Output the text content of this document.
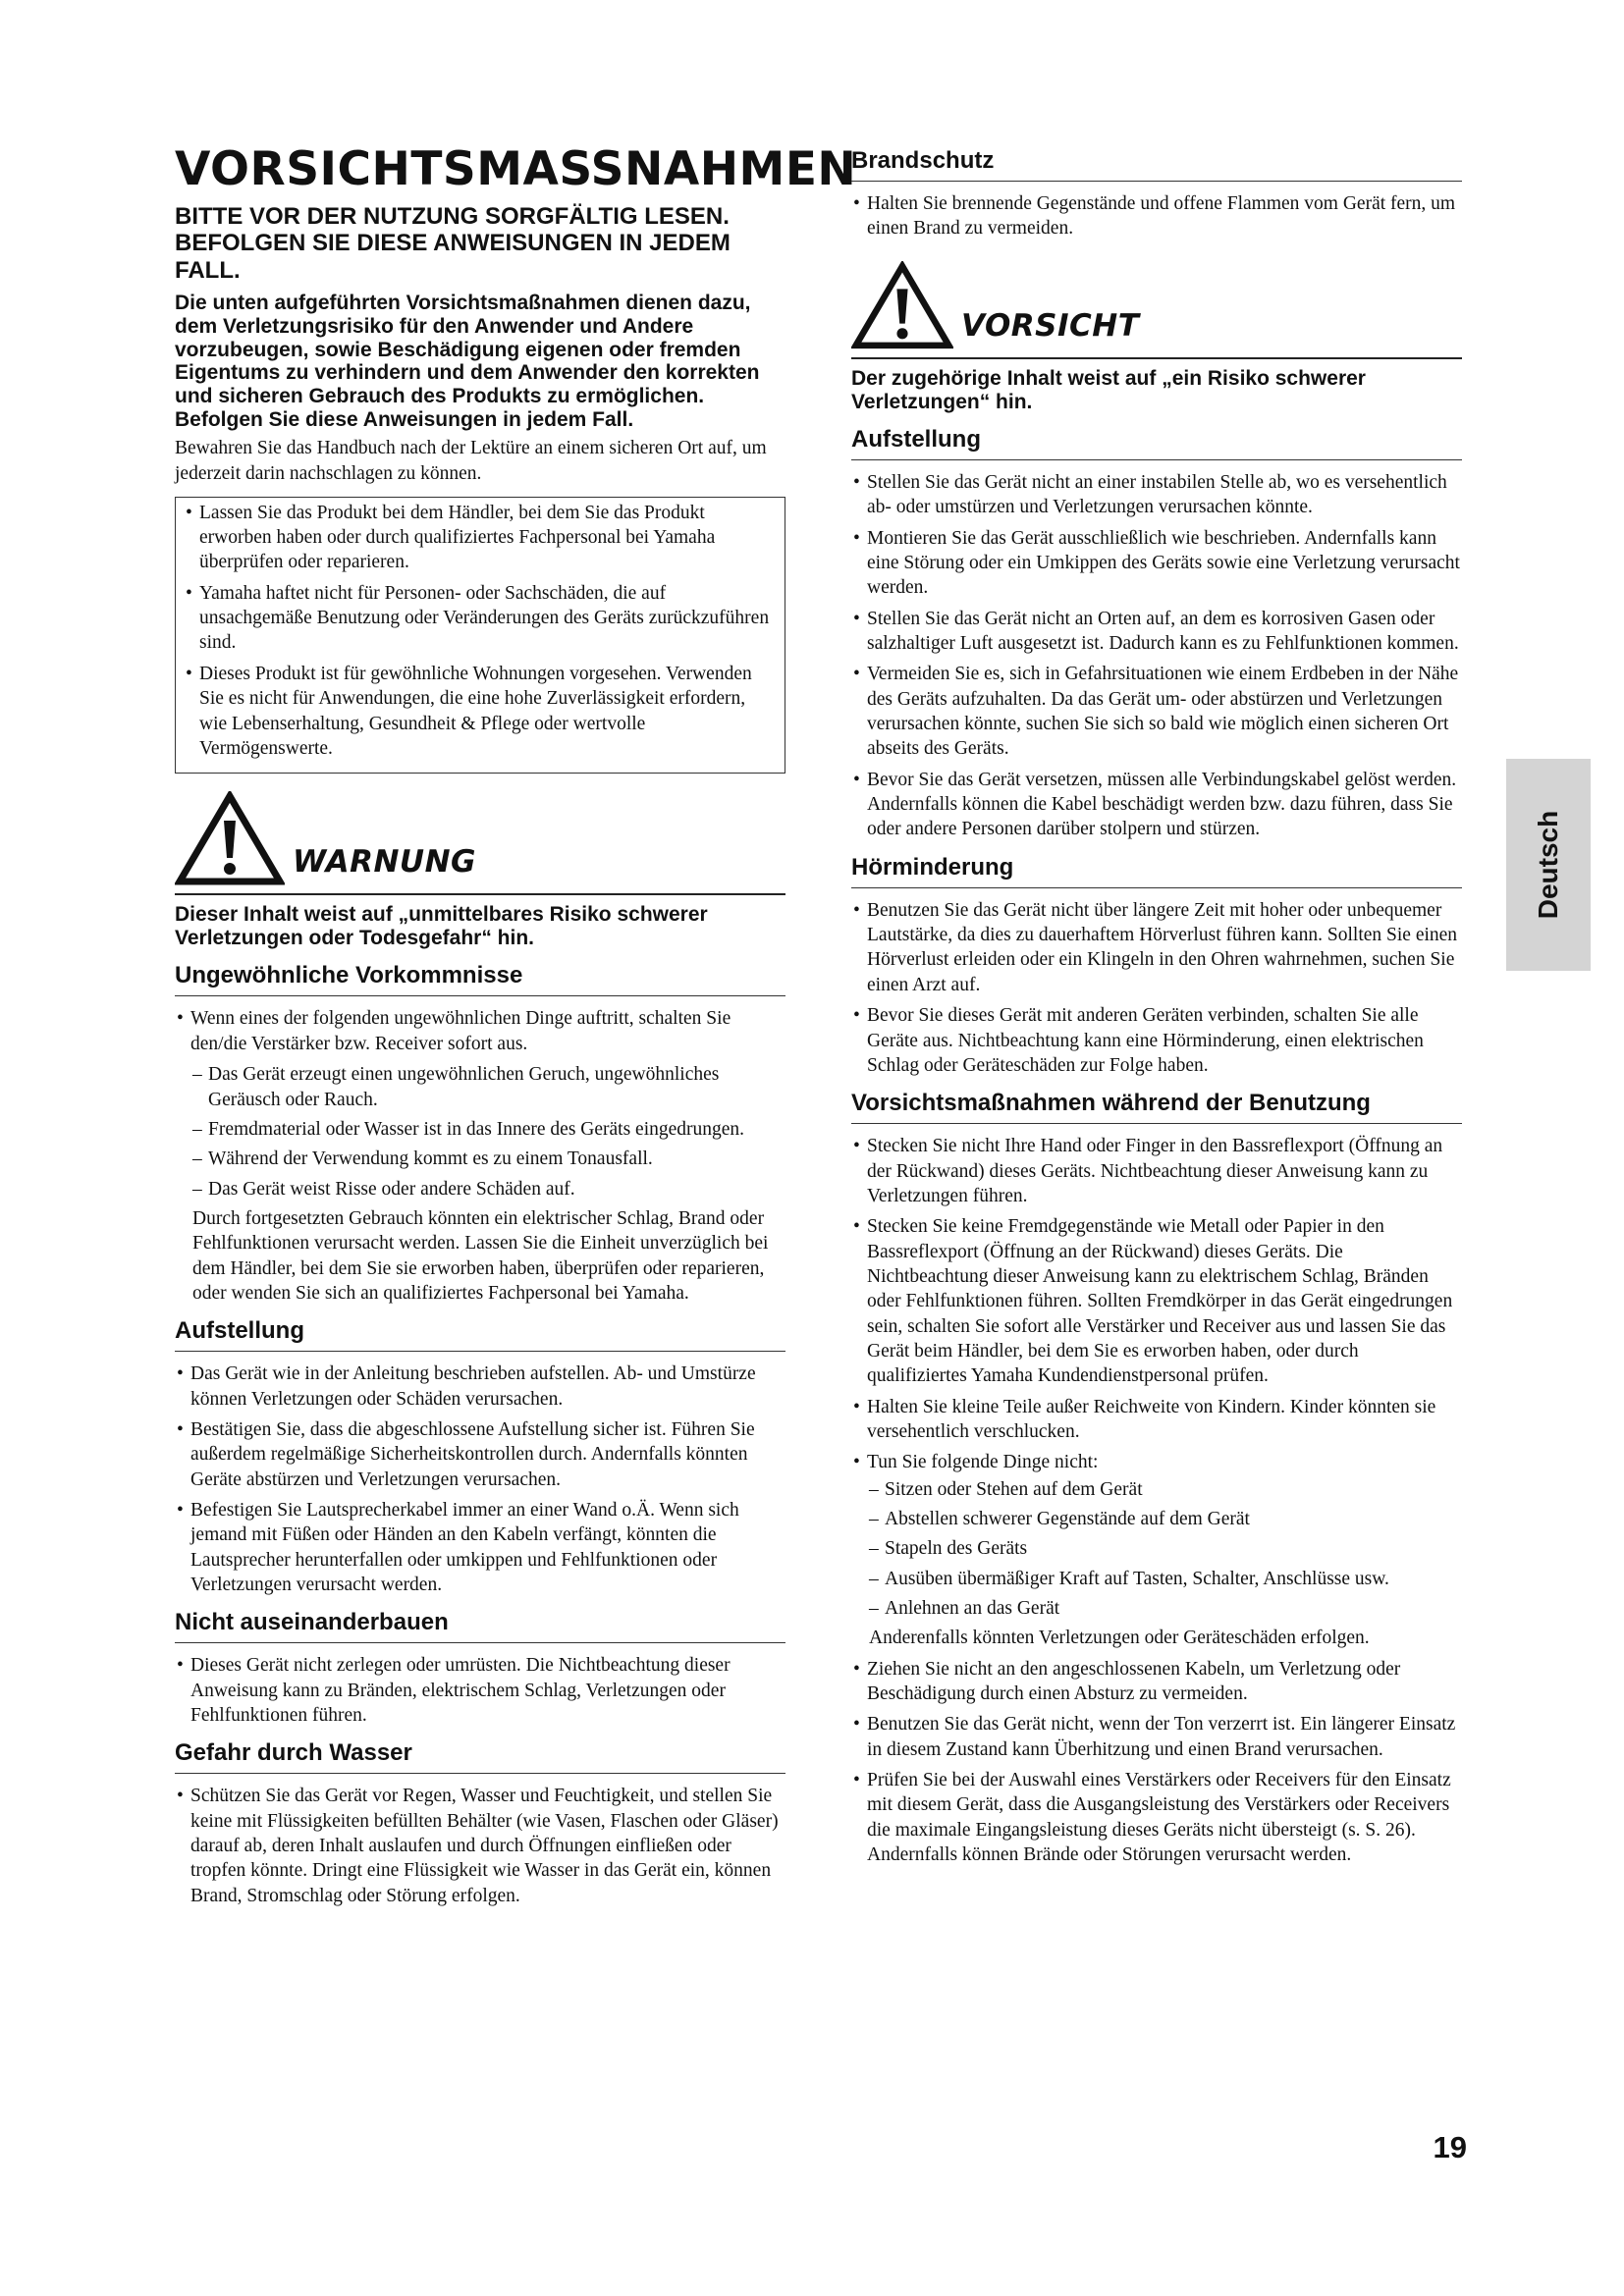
VORSICHTSMASSNAHMEN
BITTE VOR DER NUTZUNG SORGFÄLTIG LESEN. BEFOLGEN SIE DIESE ANWEISUNGEN IN JEDEM FALL.
Die unten aufgeführten Vorsichtsmaßnahmen dienen dazu, dem Verletzungsrisiko für den Anwender und Andere vorzubeugen, sowie Beschädigung eigenen oder fremden Eigentums zu verhindern und dem Anwender den korrekten und sicheren Gebrauch des Produkts zu ermöglichen. Befolgen Sie diese Anweisungen in jedem Fall.

Bewahren Sie das Handbuch nach der Lektüre an einem sicheren Ort auf, um jederzeit darin nachschlagen zu können.

• Lassen Sie das Produkt bei dem Händler, bei dem Sie das Produkt erworben haben oder durch qualifiziertes Fachpersonal bei Yamaha überprüfen oder reparieren.
• Yamaha haftet nicht für Personen- oder Sachschäden, die auf unsachgemäße Benutzung oder Veränderungen des Geräts zurückzuführen sind.
• Dieses Produkt ist für gewöhnliche Wohnungen vorgesehen. Verwenden Sie es nicht für Anwendungen, die eine hohe Zuverlässigkeit erfordern, wie Lebenserhaltung, Gesundheit & Pflege oder wertvolle Vermögenswerte.
WARNUNG
Dieser Inhalt weist auf „unmittelbares Risiko schwerer Verletzungen oder Todesgefahr“ hin.
Ungewöhnliche Vorkommnisse
• Wenn eines der folgenden ungewöhnlichen Dinge auftritt, schalten Sie den/die Verstärker bzw. Receiver sofort aus.
– Das Gerät erzeugt einen ungewöhnlichen Geruch, ungewöhnliches Geräusch oder Rauch.
– Fremdmaterial oder Wasser ist in das Innere des Geräts eingedrungen.
– Während der Verwendung kommt es zu einem Tonausfall.
– Das Gerät weist Risse oder andere Schäden auf.

Durch fortgesetzten Gebrauch könnten ein elektrischer Schlag, Brand oder Fehlfunktionen verursacht werden. Lassen Sie die Einheit unverzüglich bei dem Händler, bei dem Sie sie erworben haben, überprüfen oder reparieren, oder wenden Sie sich an qualifiziertes Fachpersonal bei Yamaha.

Aufstellung
• Das Gerät wie in der Anleitung beschrieben aufstellen. Ab- und Umstürze können Verletzungen oder Schäden verursachen.
• Bestätigen Sie, dass die abgeschlossene Aufstellung sicher ist. Führen Sie außerdem regelmäßige Sicherheitskontrollen durch. Andernfalls könnten Geräte abstürzen und Verletzungen verursachen.
• Befestigen Sie Lautsprecherkabel immer an einer Wand o.Ä. Wenn sich jemand mit Füßen oder Händen an den Kabeln verfängt, könnten die Lautsprecher herunterfallen oder umkippen und Fehlfunktionen oder Verletzungen verursacht werden.
Nicht auseinanderbauen
• Dieses Gerät nicht zerlegen oder umrüsten. Die Nichtbeachtung dieser Anweisung kann zu Bränden, elektrischem Schlag, Verletzungen oder Fehlfunktionen führen.
Gefahr durch Wasser
• Schützen Sie das Gerät vor Regen, Wasser und Feuchtigkeit, und stellen Sie keine mit Flüssigkeiten befüllten Behälter (wie Vasen, Flaschen oder Gläser) darauf ab, deren Inhalt auslaufen und durch Öffnungen einfließen oder tropfen könnte. Dringt eine Flüssigkeit wie Wasser in das Gerät ein, können Brand, Stromschlag oder Störung erfolgen.
Brandschutz
• Halten Sie brennende Gegenstände und offene Flammen vom Gerät fern, um einen Brand zu vermeiden.
VORSICHT
Der zugehörige Inhalt weist auf „ein Risiko schwerer Verletzungen“ hin.
Aufstellung
• Stellen Sie das Gerät nicht an einer instabilen Stelle ab, wo es versehentlich ab- oder umstürzen und Verletzungen verursachen könnte.
• Montieren Sie das Gerät ausschließlich wie beschrieben. Andernfalls kann eine Störung oder ein Umkippen des Geräts sowie eine Verletzung verursacht werden.
• Stellen Sie das Gerät nicht an Orten auf, an dem es korrosiven Gasen oder salzhaltiger Luft ausgesetzt ist. Dadurch kann es zu Fehlfunktionen kommen.
• Vermeiden Sie es, sich in Gefahrsituationen wie einem Erdbeben in der Nähe des Geräts aufzuhalten. Da das Gerät um- oder abstürzen und Verletzungen verursachen könnte, suchen Sie sich so bald wie möglich einen sicheren Ort abseits des Geräts.
• Bevor Sie das Gerät versetzen, müssen alle Verbindungskabel gelöst werden. Andernfalls können die Kabel beschädigt werden bzw. dazu führen, dass Sie oder andere Personen darüber stolpern und stürzen.
Hörminderung
• Benutzen Sie das Gerät nicht über längere Zeit mit hoher oder unbequemer Lautstärke, da dies zu dauerhaftem Hörverlust führen kann. Sollten Sie einen Hörverlust erleiden oder ein Klingeln in den Ohren wahrnehmen, suchen Sie einen Arzt auf.
• Bevor Sie dieses Gerät mit anderen Geräten verbinden, schalten Sie alle Geräte aus. Nichtbeachtung kann eine Hörminderung, einen elektrischen Schlag oder Geräteschäden zur Folge haben.
Vorsichtsmaßnahmen während der Benutzung
• Stecken Sie nicht Ihre Hand oder Finger in den Bassreflexport (Öffnung an der Rückwand) dieses Geräts. Nichtbeachtung dieser Anweisung kann zu Verletzungen führen.
• Stecken Sie keine Fremdgegenstände wie Metall oder Papier in den Bassreflexport (Öffnung an der Rückwand) dieses Geräts. Die Nichtbeachtung dieser Anweisung kann zu elektrischem Schlag, Bränden oder Fehlfunktionen führen. Sollten Fremdkörper in das Gerät eingedrungen sein, schalten Sie sofort alle Verstärker und Receiver aus und lassen Sie das Gerät beim Händler, bei dem Sie es erworben haben, oder durch qualifiziertes Yamaha Kundendienstpersonal prüfen.
• Halten Sie kleine Teile außer Reichweite von Kindern. Kinder könnten sie versehentlich verschlucken.
• Tun Sie folgende Dinge nicht:
– Sitzen oder Stehen auf dem Gerät
– Abstellen schwerer Gegenstände auf dem Gerät
– Stapeln des Geräts
– Ausüben übermäßiger Kraft auf Tasten, Schalter, Anschlüsse usw.
– Anlehnen an das Gerät

Anderenfalls könnten Verletzungen oder Geräteschäden erfolgen.

• Ziehen Sie nicht an den angeschlossenen Kabeln, um Verletzung oder Beschädigung durch einen Absturz zu vermeiden.
• Benutzen Sie das Gerät nicht, wenn der Ton verzerrt ist. Ein längerer Einsatz in diesem Zustand kann Überhitzung und einen Brand verursachen.
• Prüfen Sie bei der Auswahl eines Verstärkers oder Receivers für den Einsatz mit diesem Gerät, dass die Ausgangsleistung des Verstärkers oder Receivers die maximale Eingangsleistung dieses Geräts nicht übersteigt (s. S. 26). Andernfalls können Brände oder Störungen verursacht werden.
Deutsch
19
